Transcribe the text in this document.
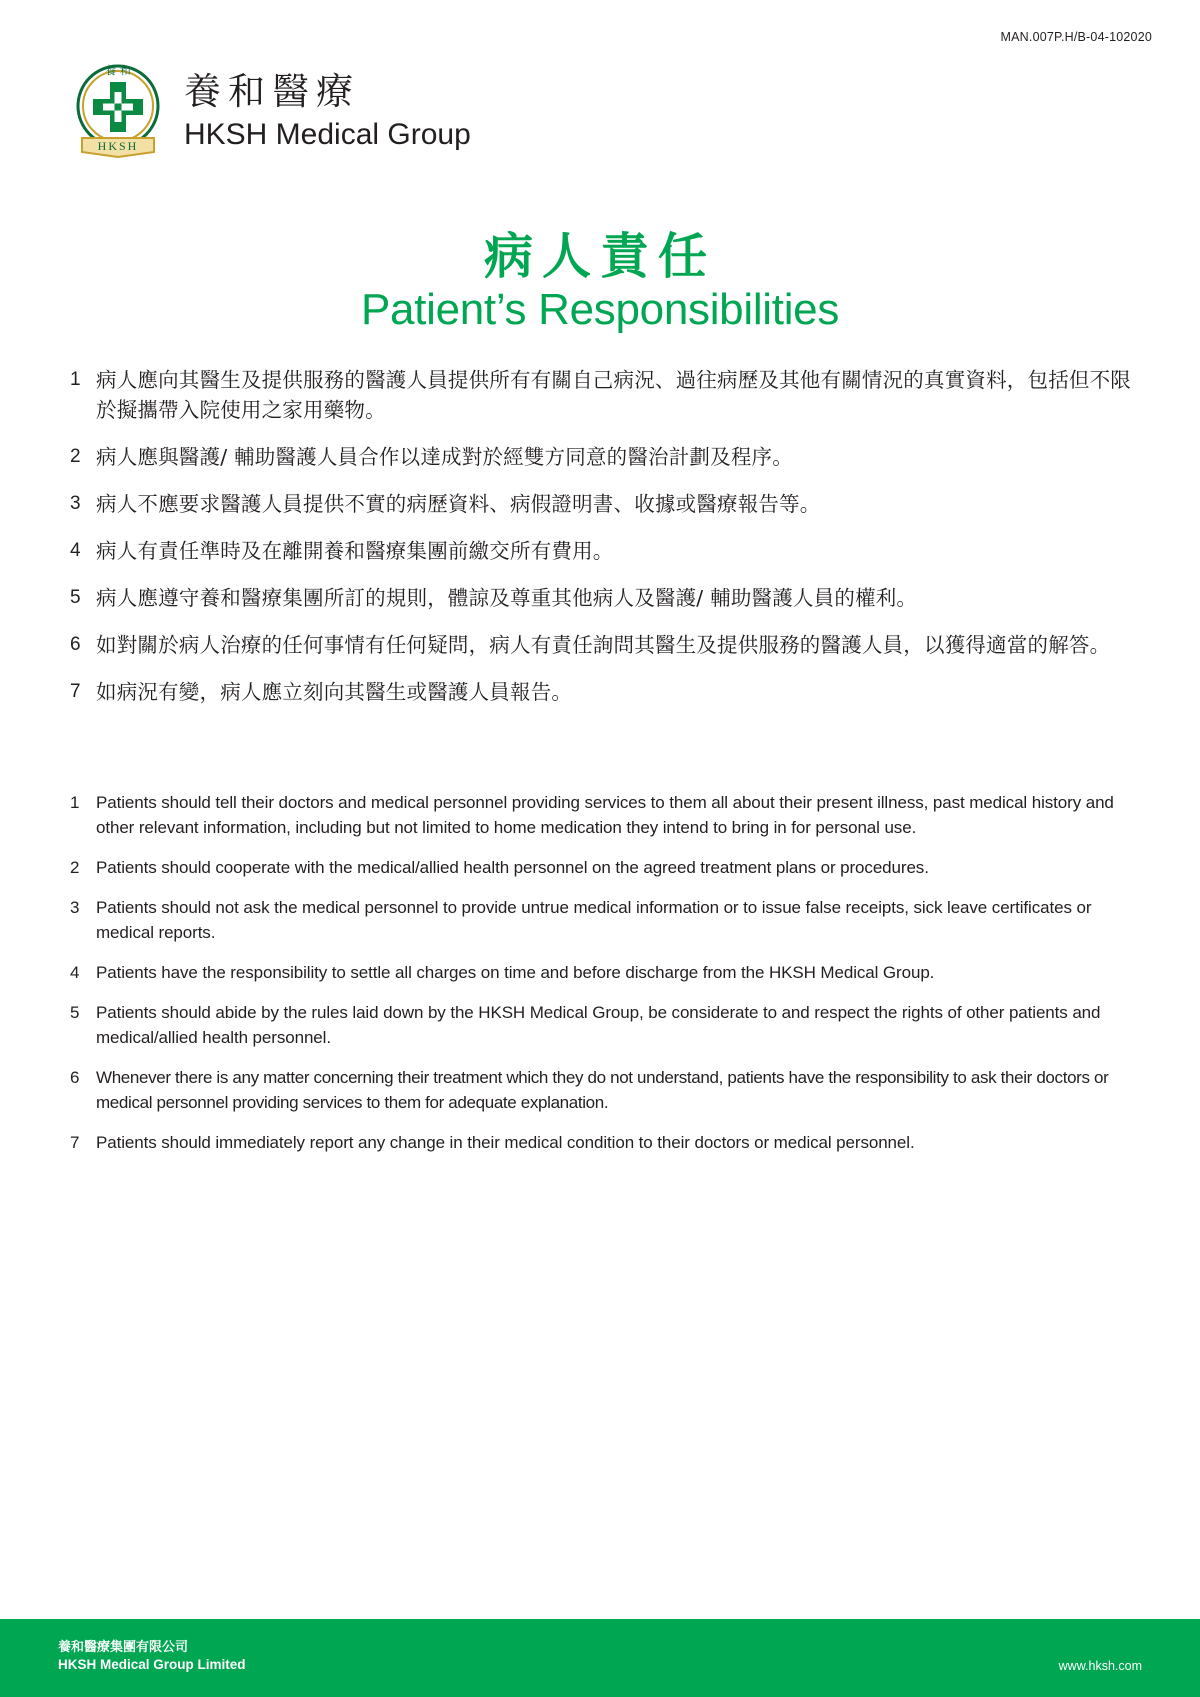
MAN.007P.H/B-04-102020
養 和
HKSH
養和醫療
HKSH Medical Group
病人責任
Patient’s Responsibilities
1 病人應向其醫生及提供服務的醫護人員提供所有有關自己病況、過往病歷及其他有關情況的真實資料，包括但不限於擬攜帶入院使用之家用藥物。
2 病人應與醫護/ 輔助醫護人員合作以達成對於經雙方同意的醫治計劃及程序。
3 病人不應要求醫護人員提供不實的病歷資料、病假證明書、收據或醫療報告等。
4 病人有責任準時及在離開養和醫療集團前繳交所有費用。
5 病人應遵守養和醫療集團所訂的規則，體諒及尊重其他病人及醫護/ 輔助醫護人員的權利。
6 如對關於病人治療的任何事情有任何疑問，病人有責任詢問其醫生及提供服務的醫護人員，以獲得適當的解答。
7 如病況有變，病人應立刻向其醫生或醫護人員報告。
1 Patients should tell their doctors and medical personnel providing services to them all about their present illness, past medical history and other relevant information, including but not limited to home medication they intend to bring in for personal use.
2 Patients should cooperate with the medical/allied health personnel on the agreed treatment plans or procedures.
3 Patients should not ask the medical personnel to provide untrue medical information or to issue false receipts, sick leave certificates or medical reports.
4 Patients have the responsibility to settle all charges on time and before discharge from the HKSH Medical Group.
5 Patients should abide by the rules laid down by the HKSH Medical Group, be considerate to and respect the rights of other patients and medical/allied health personnel.
6 Whenever there is any matter concerning their treatment which they do not understand, patients have the responsibility to ask their doctors or medical personnel providing services to them for adequate explanation.
7 Patients should immediately report any change in their medical condition to their doctors or medical personnel.
養和醫療集團有限公司
HKSH Medical Group Limited	www.hksh.com
